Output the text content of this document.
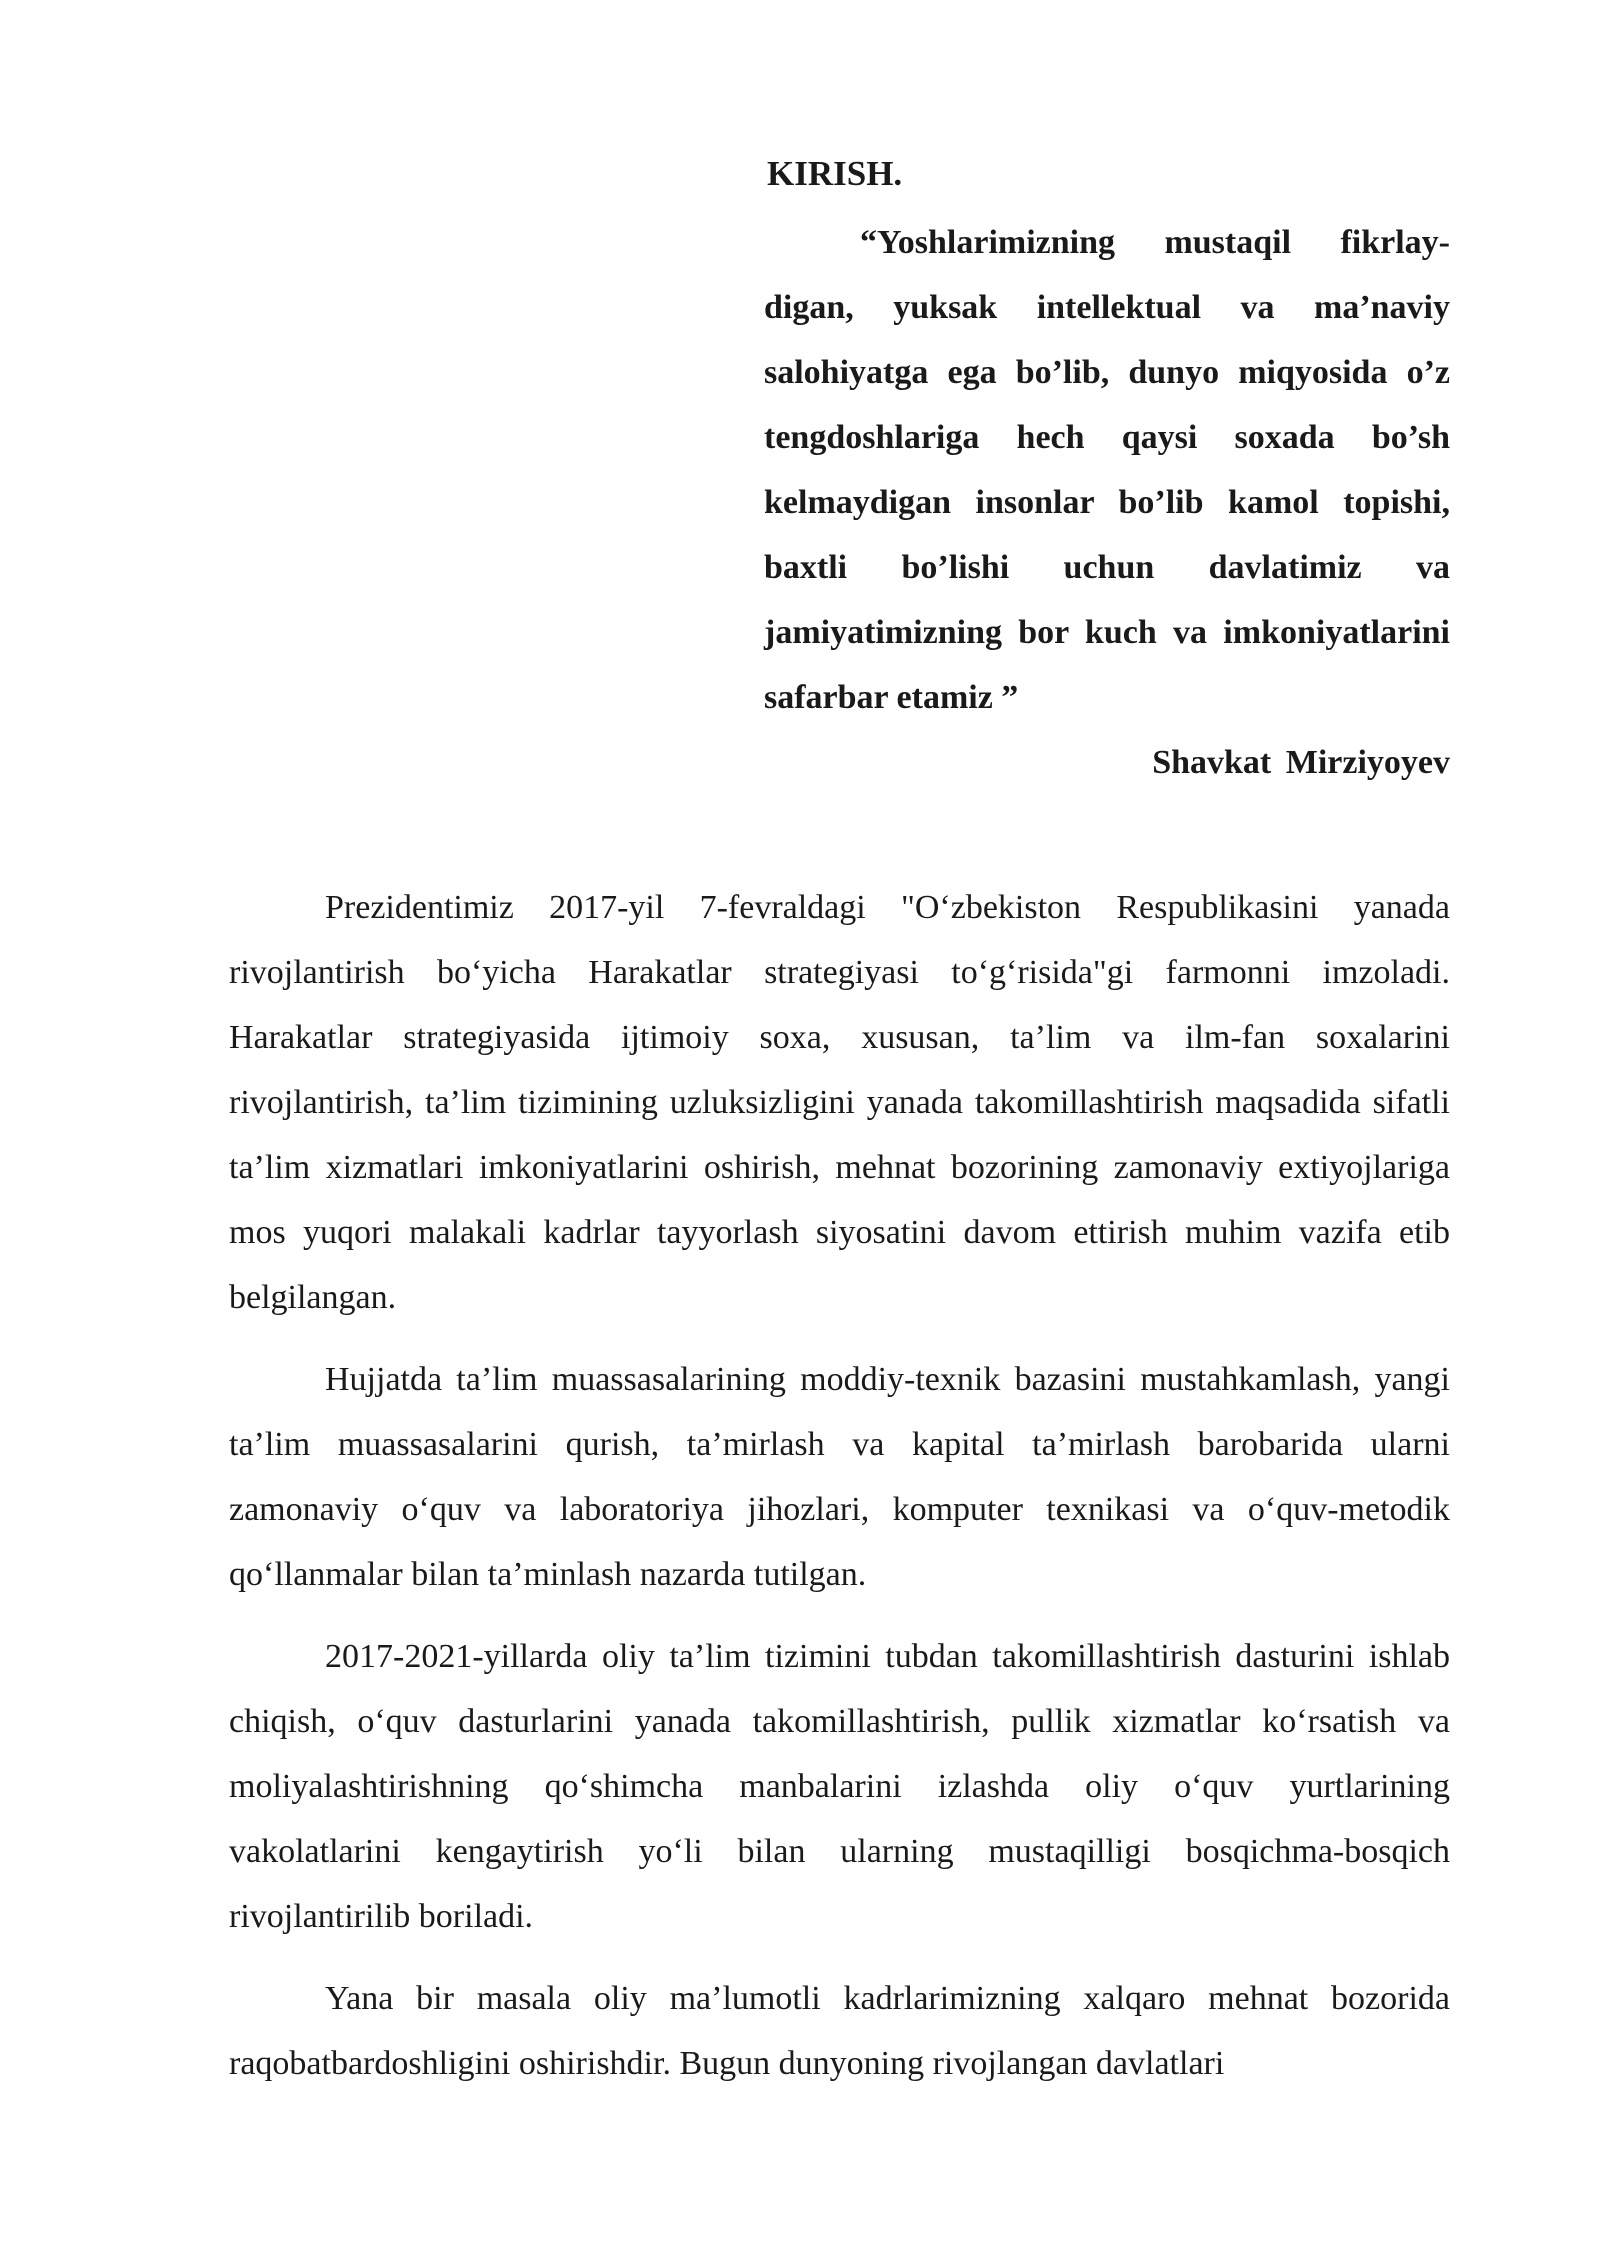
KIRISH.

“Yoshlarimizning mustaqil fikrlay-digan, yuksak intellektual va ma’naviy salohiyatga ega bo’lib, dunyo miqyosida o’z tengdoshlariga hech qaysi soxada bo’sh kelmaydigan insonlar bo’lib kamol topishi, baxtli bo’lishi uchun davlatimiz va jamiyatimizning bor kuch va imkoniyatlarini safarbar etamiz ”

Shavkat Mirziyoyev

Prezidentimiz 2017-yil 7-fevraldagi "O‘zbekiston Respublikasini yanada rivojlantirish bo‘yicha Harakatlar strategiyasi to‘g‘risida"gi farmonni imzoladi. Harakatlar strategiyasida ijtimoiy soxa, xususan, ta’lim va ilm-fan soxalarini rivojlantirish, ta’lim tizimining uzluksizligini yanada takomillashtirish maqsadida sifatli ta’lim xizmatlari imkoniyatlarini oshirish, mehnat bozorining zamonaviy extiyojlariga mos yuqori malakali kadrlar tayyorlash siyosatini davom ettirish muhim vazifa etib belgilangan.

Hujjatda ta’lim muassasalarining moddiy-texnik bazasini mustahkamlash, yangi ta’lim muassasalarini qurish, ta’mirlash va kapital ta’mirlash barobarida ularni zamonaviy o‘quv va laboratoriya jihozlari, komputer texnikasi va o‘quv-metodik qo‘llanmalar bilan ta’minlash nazarda tutilgan.

2017-2021-yillarda oliy ta’lim tizimini tubdan takomillashtirish dasturini ishlab chiqish, o‘quv dasturlarini yanada takomillashtirish, pullik xizmatlar ko‘rsatish va moliyalashtirishning qo‘shimcha manbalarini izlashda oliy o‘quv yurtlarining vakolatlarini kengaytirish yo‘li bilan ularning mustaqilligi bosqichma-bosqich rivojlantirilib boriladi.

Yana bir masala oliy ma’lumotli kadrlarimizning xalqaro mehnat bozorida raqobatbardoshligini oshirishdir. Bugun dunyoning rivojlangan davlatlari
